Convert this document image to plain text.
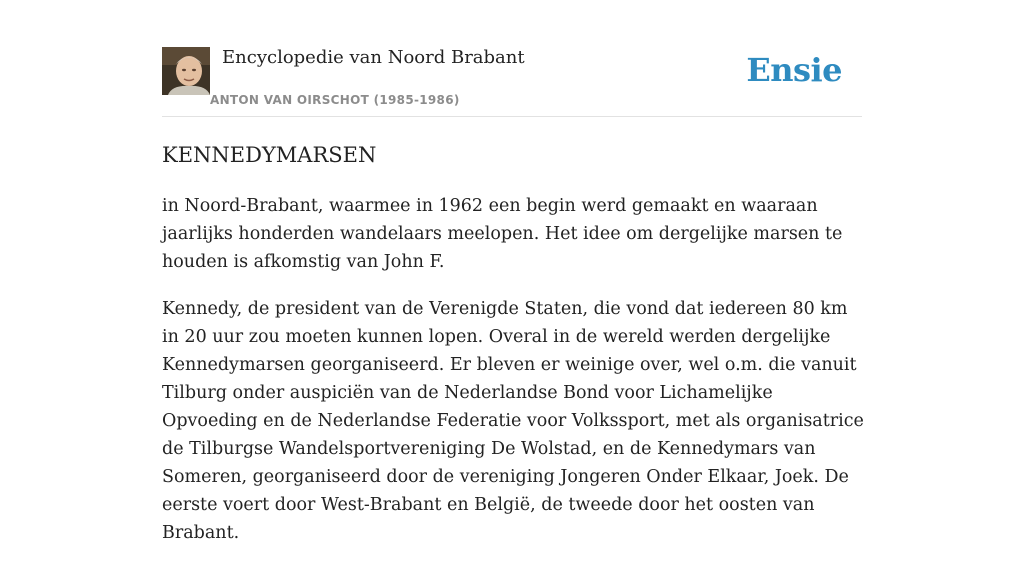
Encyclopedie van Noord Brabant
ANTON VAN OIRSCHOT (1985-1986)
Ensie
KENNEDYMARSEN

in Noord-Brabant, waarmee in 1962 een begin werd gemaakt en waaraan jaarlijks honderden wandelaars meelopen. Het idee om dergelijke marsen te houden is afkomstig van John F.

Kennedy, de president van de Verenigde Staten, die vond dat iedereen 80 km in 20 uur zou moeten kunnen lopen. Overal in de wereld werden dergelijke Kennedymarsen georganiseerd. Er bleven er weinige over, wel o.m. die vanuit Tilburg onder auspiciën van de Nederlandse Bond voor Lichamelijke Opvoeding en de Nederlandse Federatie voor Volkssport, met als organisatrice de Tilburgse Wandelsportvereniging De Wolstad, en de Kennedymars van Someren, georganiseerd door de vereniging Jongeren Onder Elkaar, Joek. De eerste voert door West-Brabant en België, de tweede door het oosten van Brabant.
